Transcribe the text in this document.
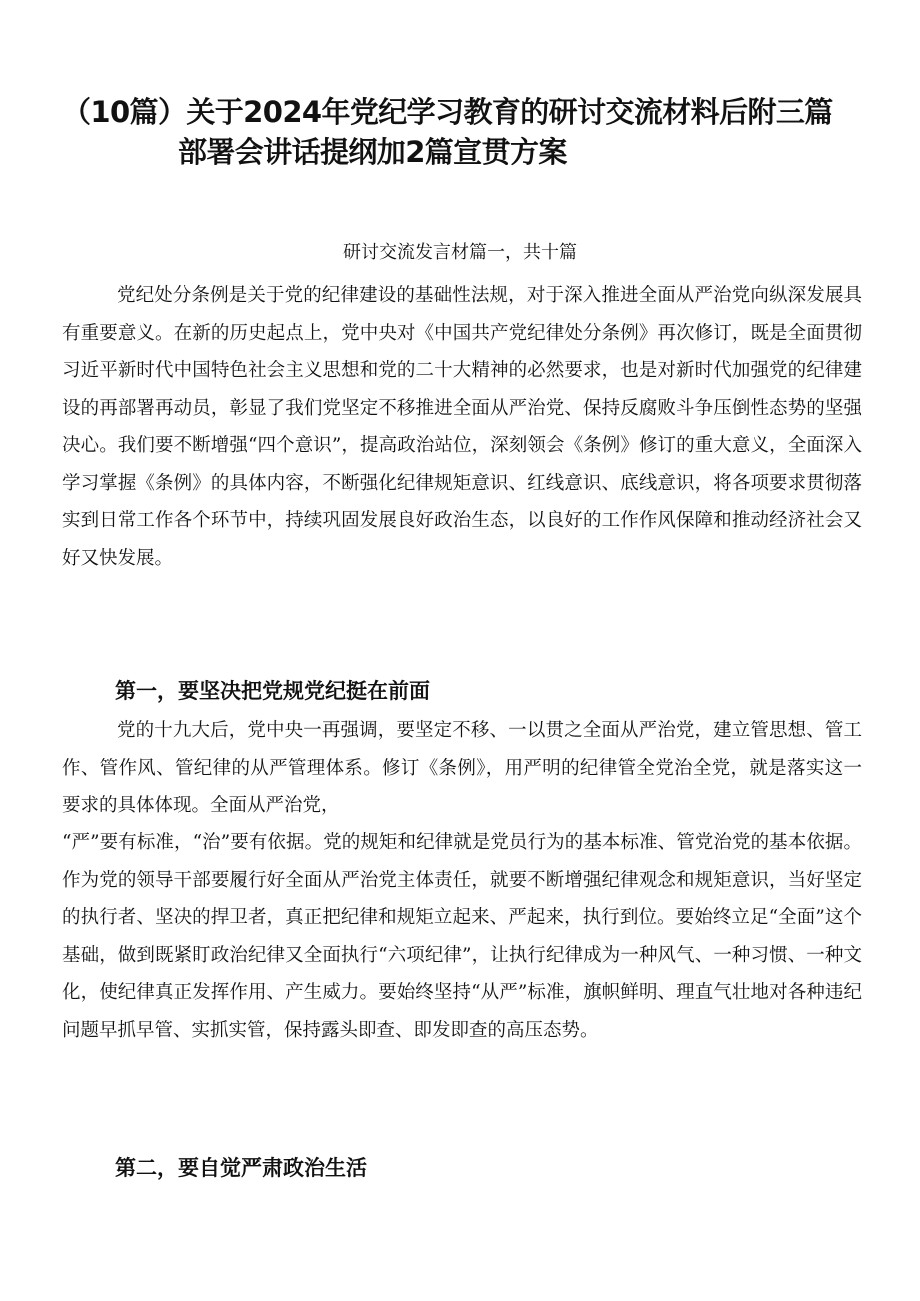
（10篇）关于2024年党纪学习教育的研讨交流材料后附三篇
部署会讲话提纲加2篇宣贯方案
研讨交流发言材篇一，共十篇

党纪处分条例是关于党的纪律建设的基础性法规，对于深入推进全面从严治党向纵深发展具有重要意义。在新的历史起点上，党中央对《中国共产党纪律处分条例》再次修订，既是全面贯彻习近平新时代中国特色社会主义思想和党的二十大精神的必然要求，也是对新时代加强党的纪律建设的再部署再动员，彰显了我们党坚定不移推进全面从严治党、保持反腐败斗争压倒性态势的坚强决心。我们要不断增强“四个意识”，提高政治站位，深刻领会《条例》修订的重大意义，全面深入学习掌握《条例》的具体内容，不断强化纪律规矩意识、红线意识、底线意识，将各项要求贯彻落实到日常工作各个环节中，持续巩固发展良好政治生态，以良好的工作作风保障和推动经济社会又好又快发展。

第一，要坚决把党规党纪挺在前面

党的十九大后，党中央一再强调，要坚定不移、一以贯之全面从严治党，建立管思想、管工作、管作风、管纪律的从严管理体系。修订《条例》，用严明的纪律管全党治全党，就是落实这一要求的具体体现。全面从严治党，

“严”要有标准，“治”要有依据。党的规矩和纪律就是党员行为的基本标准、管党治党的基本依据。作为党的领导干部要履行好全面从严治党主体责任，就要不断增强纪律观念和规矩意识，当好坚定的执行者、坚决的捍卫者，真正把纪律和规矩立起来、严起来，执行到位。要始终立足“全面”这个基础，做到既紧盯政治纪律又全面执行“六项纪律”，让执行纪律成为一种风气、一种习惯、一种文化，使纪律真正发挥作用、产生威力。要始终坚持“从严”标准，旗帜鲜明、理直气壮地对各种违纪问题早抓早管、实抓实管，保持露头即查、即发即查的高压态势。

第二，要自觉严肃政治生活
